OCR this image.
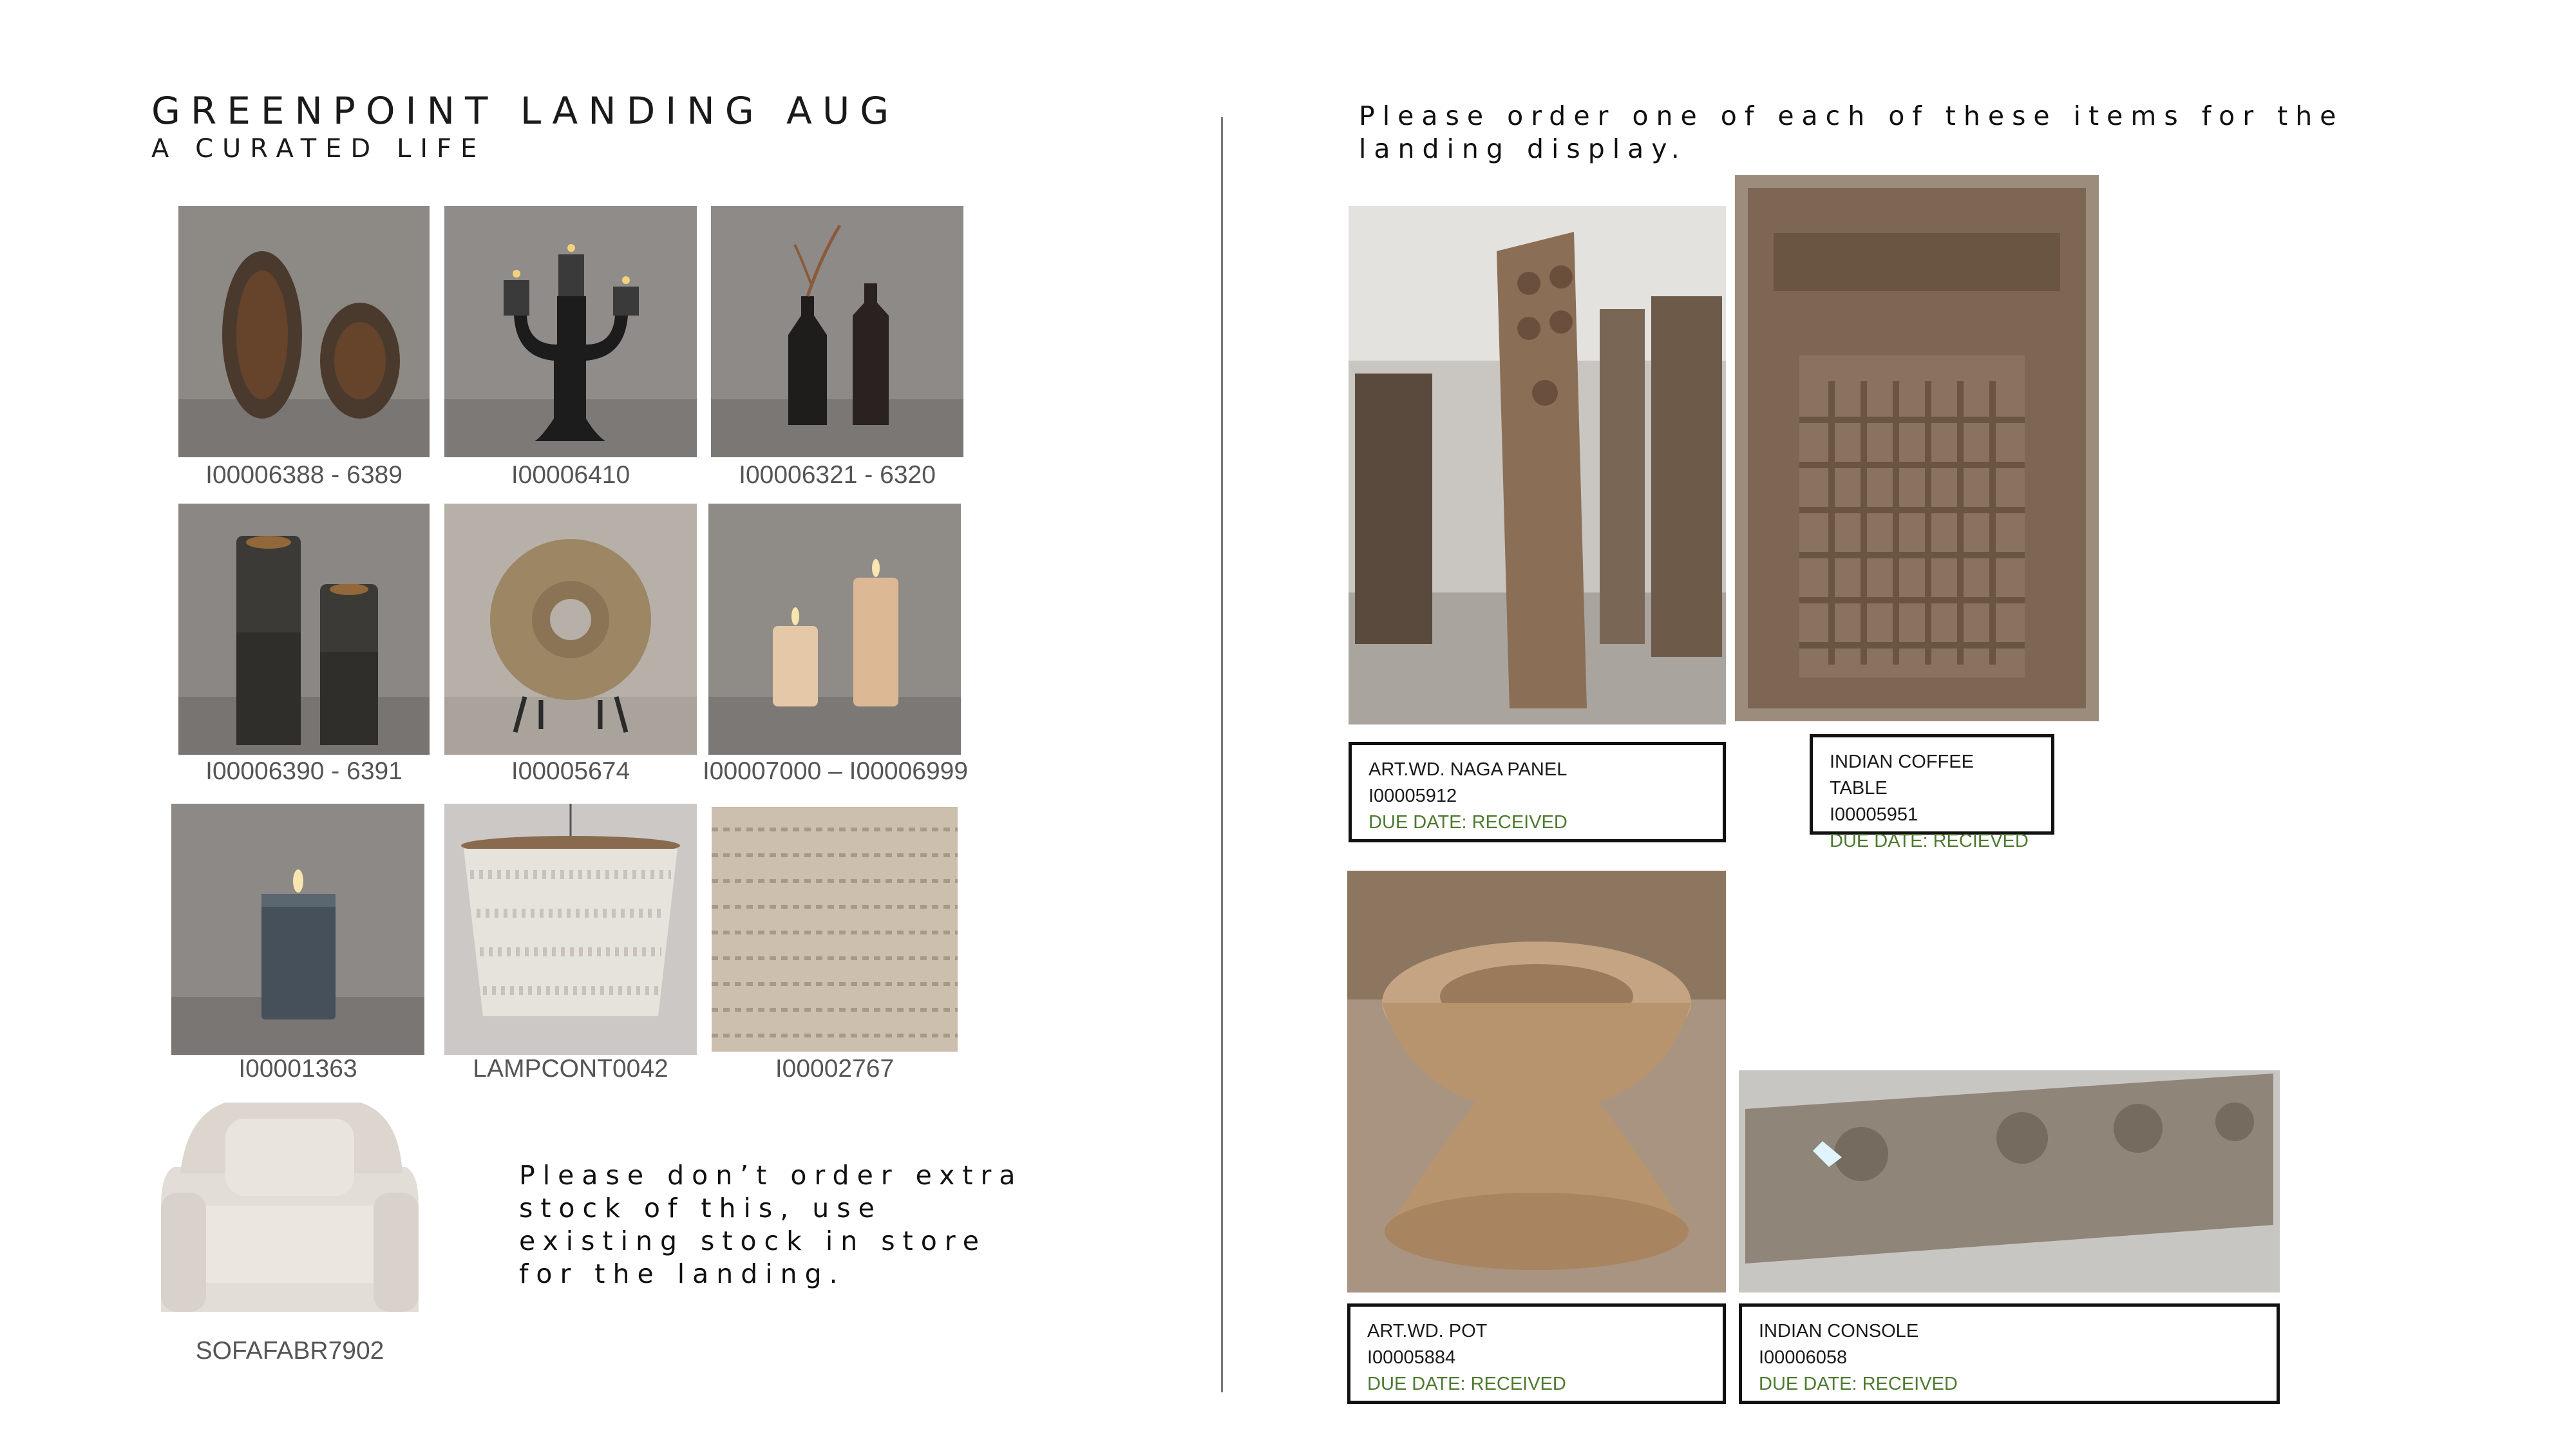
GREENPOINT LANDING AUG
A CURATED LIFE
Please order one of each of these items for the
landing display.
I00006388 - 6389	I00006410	I00006321 - 6320
I00006390 - 6391	I00005674	I00007000 – I00006999
I00001363	LAMPCONT0042	I00002767
SOFAFABR7902
Please don’t order extra
stock of this, use
existing stock in store
for the landing.
ART.WD. NAGA PANEL
I00005912
DUE DATE: RECEIVED
INDIAN COFFEE TABLE
I00005951
DUE DATE: RECIEVED
ART.WD. POT
I00005884
DUE DATE: RECEIVED
INDIAN CONSOLE
I00006058
DUE DATE: RECEIVED
